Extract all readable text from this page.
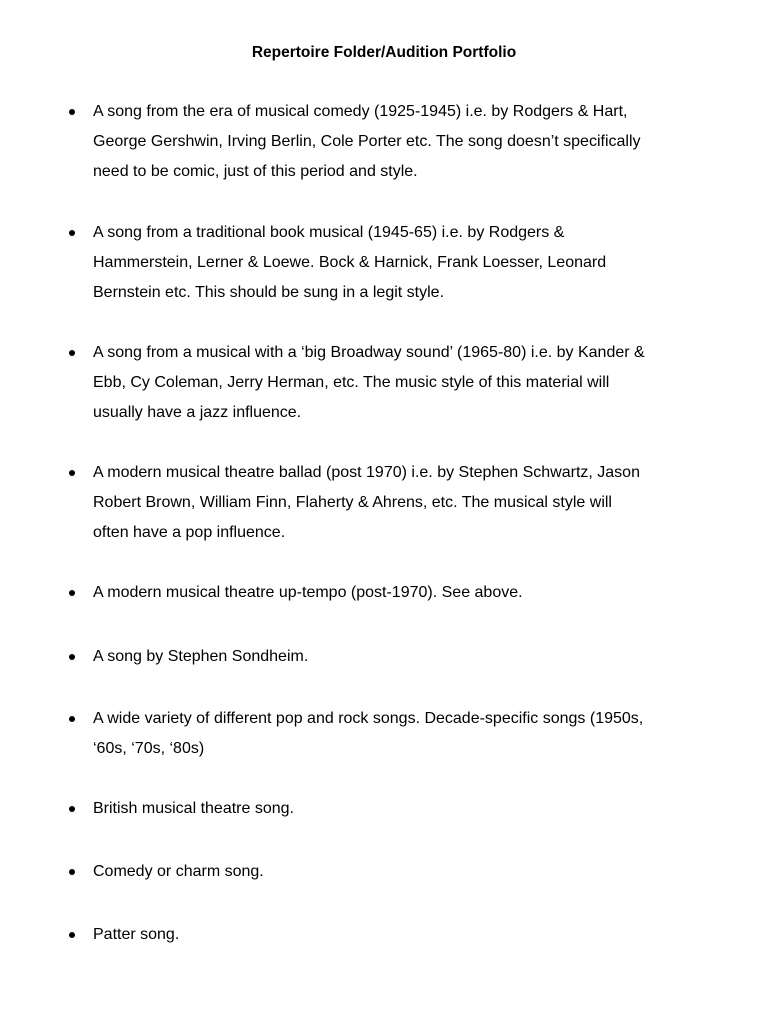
Repertoire Folder/Audition Portfolio
A song from the era of musical comedy (1925-1945) i.e. by Rodgers & Hart,
George Gershwin, Irving Berlin, Cole Porter etc. The song doesn’t specifically
need to be comic, just of this period and style.
A song from a traditional book musical (1945-65) i.e. by Rodgers &
Hammerstein, Lerner & Loewe. Bock & Harnick, Frank Loesser, Leonard
Bernstein etc. This should be sung in a legit style.
A song from a musical with a ‘big Broadway sound’ (1965-80) i.e. by Kander &
Ebb, Cy Coleman, Jerry Herman, etc. The music style of this material will
usually have a jazz influence.
A modern musical theatre ballad (post 1970) i.e. by Stephen Schwartz, Jason
Robert Brown, William Finn, Flaherty & Ahrens, etc. The musical style will
often have a pop influence.
A modern musical theatre up-tempo (post-1970). See above.
A song by Stephen Sondheim.
A wide variety of different pop and rock songs. Decade-specific songs (1950s,
‘60s, ‘70s, ‘80s)
British musical theatre song.
Comedy or charm song.
Patter song.
